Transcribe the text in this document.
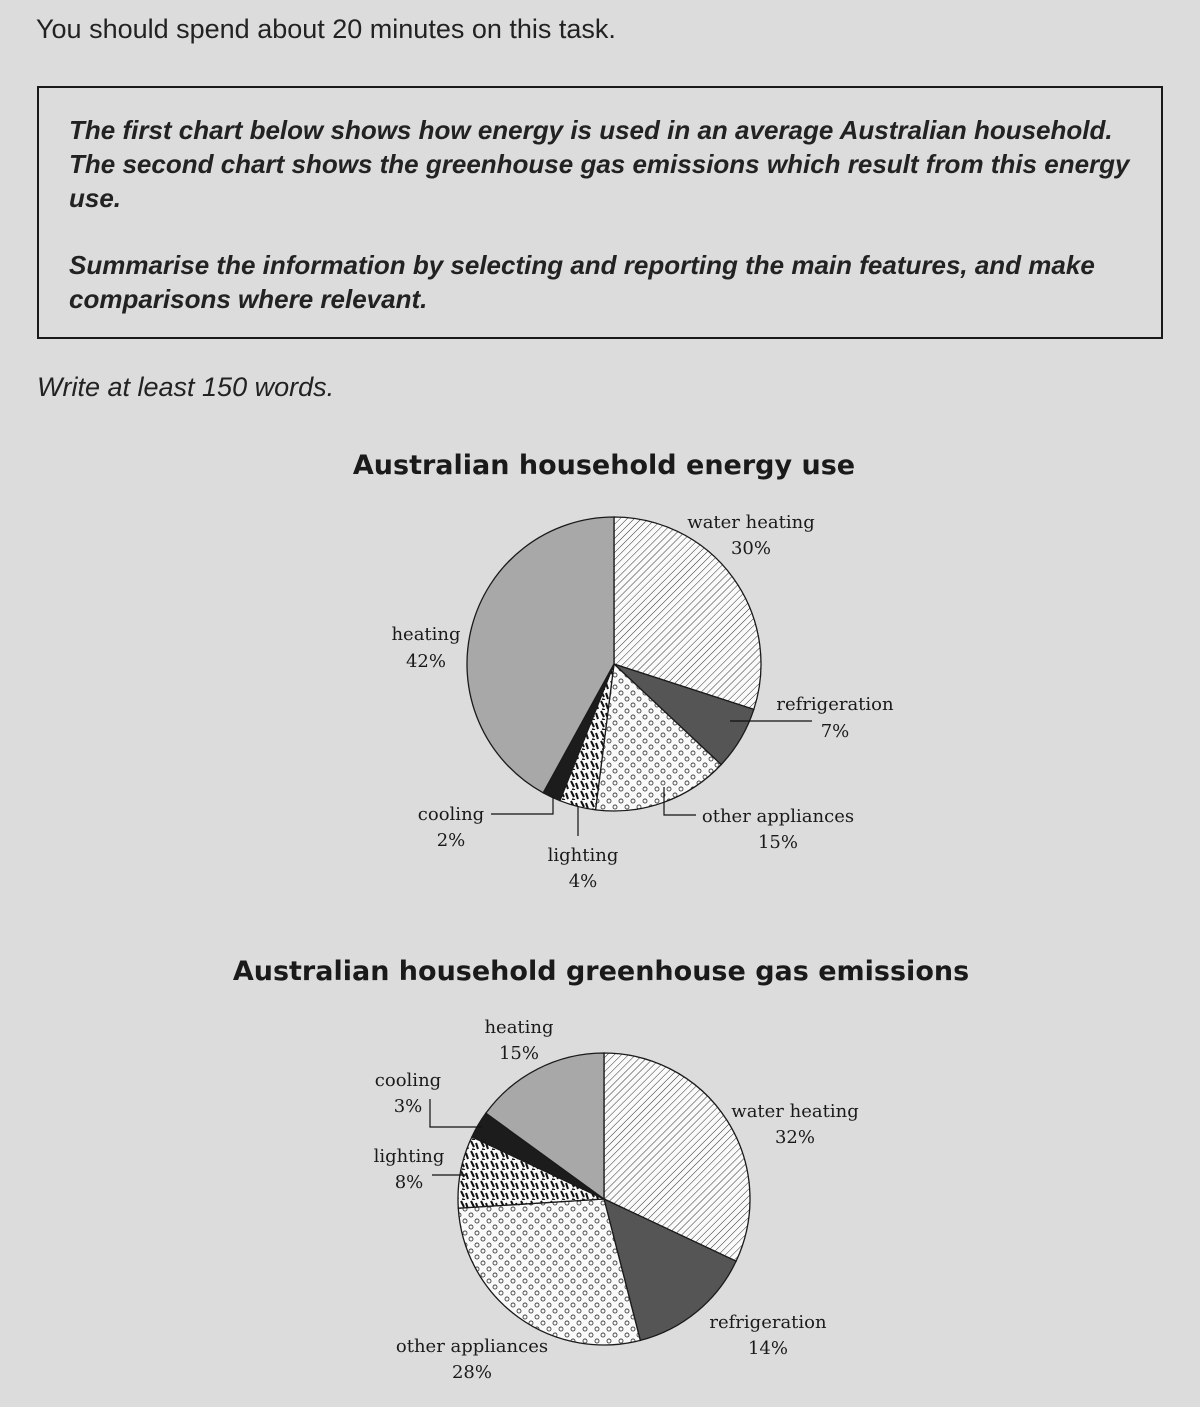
You should spend about 20 minutes on this task.

The first chart below shows how energy is used in an average Australian household. The second chart shows the greenhouse gas emissions which result from this energy use.

Summarise the information by selecting and reporting the main features, and make comparisons where relevant.

Write at least 150 words.
Australian household energy use
water heating
30%
refrigeration
7%
other appliances
15%
lighting
4%
cooling
2%
heating
42%
Australian household greenhouse gas emissions
heating
15%
water heating
32%
cooling
3%
lighting
8%
other appliances
28%
refrigeration
14%
